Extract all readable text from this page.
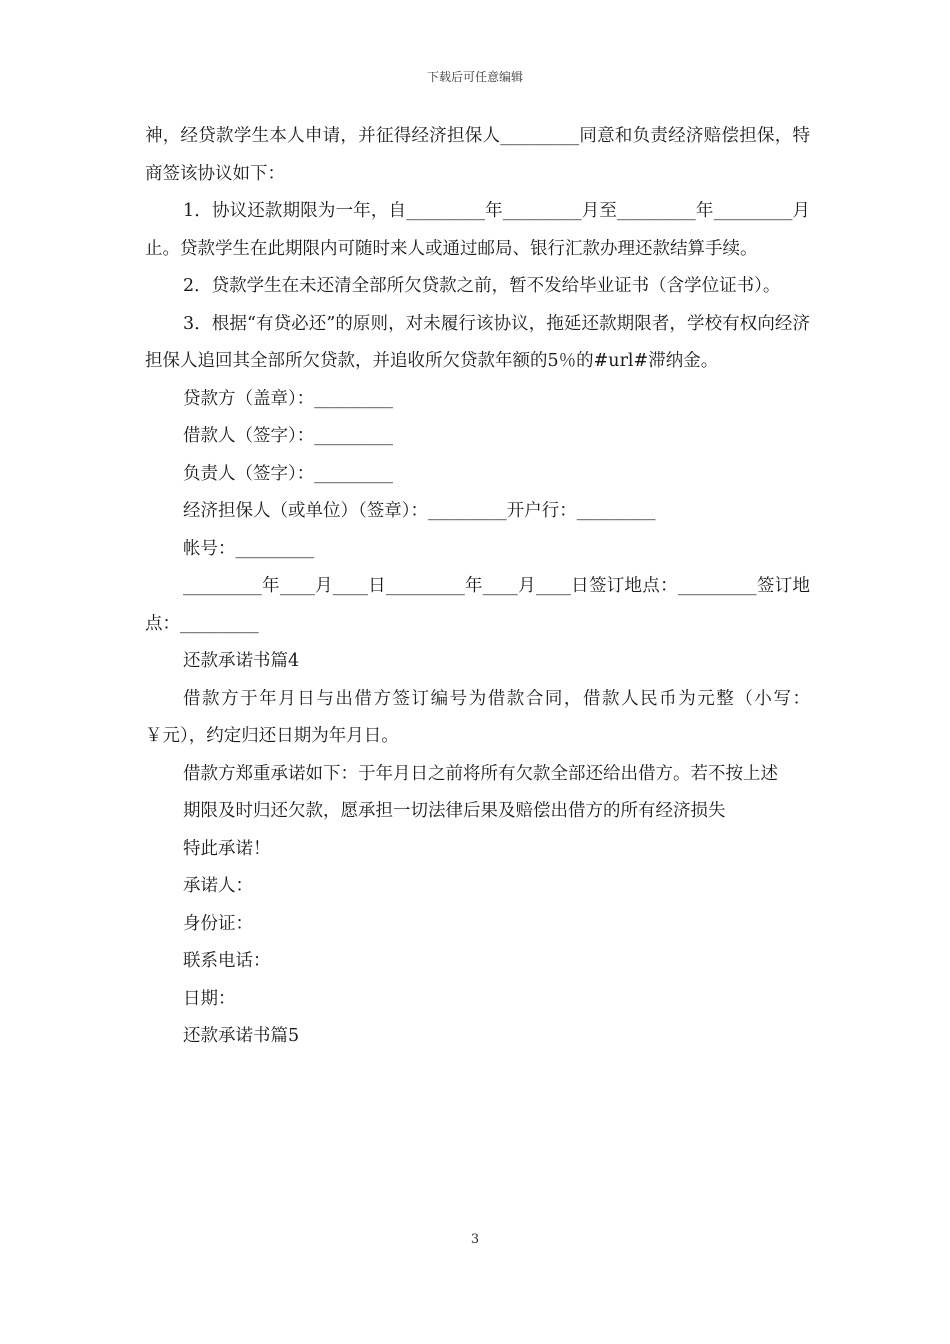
下载后可任意编辑

神，经贷款学生本人申请，并征得经济担保人_________同意和负责经济赔偿担保，特商签该协议如下：

1．协议还款期限为一年，自_________年_________月至_________年_________月止。贷款学生在此期限内可随时来人或通过邮局、银行汇款办理还款结算手续。

2．贷款学生在未还清全部所欠贷款之前，暂不发给毕业证书（含学位证书）。

3．根据“有贷必还”的原则，对未履行该协议，拖延还款期限者，学校有权向经济担保人追回其全部所欠贷款，并追收所欠贷款年额的5％的#url#滞纳金。

贷款方（盖章）：_________

借款人（签字）：_________

负责人（签字）：_________

经济担保人（或单位）（签章）：_________开户行：_________

帐号：_________

_________年____月____日_________年____月____日签订地点：_________签订地点：_________

还款承诺书篇4

借款方于年月日与出借方签订编号为借款合同，借款人民币为元整（小写：￥元），约定归还日期为年月日。

借款方郑重承诺如下：于年月日之前将所有欠款全部还给出借方。若不按上述

期限及时归还欠款，愿承担一切法律后果及赔偿出借方的所有经济损失

特此承诺！

承诺人：

身份证：

联系电话：

日期：

还款承诺书篇5

3
